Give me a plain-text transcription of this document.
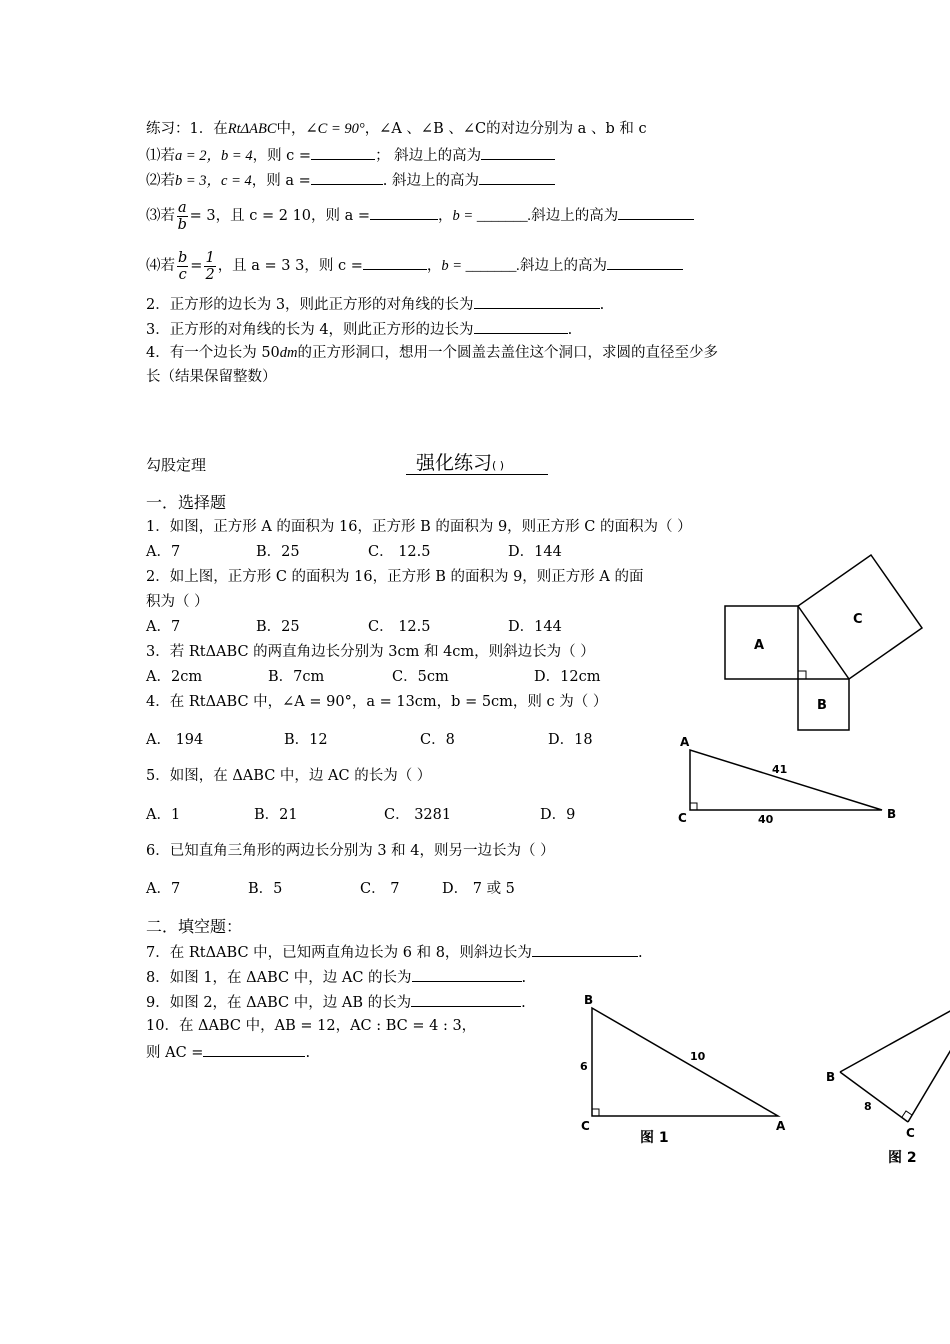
练习：1．在RtΔABC中，∠C = 90°，∠A 、∠B 、∠C的对边分别为 a 、b 和 c
⑴若a = 2，b = 4，则 c =	； 斜边上的高为
⑵若b = 3，c = 4，则 a =	. 斜边上的高为
⑶若 $\frac{a}{b} = 3$，且 c = 2 10，则 a =	，b = _______.斜边上的高为
⑷若 $\frac{b}{c} = \frac{1}{2}$ ，且 a = 3 3，则 c =	，b = _______.斜边上的高为
2．正方形的边长为 3，则此正方形的对角线的长为	.
3．正方形的对角线的长为 4，则此正方形的边长为	.
4．有一个边长为 50dm的正方形洞口，想用一个圆盖去盖住这个洞口，求圆的直径至少多
长（结果保留整数）
勾股定理	强化练习( )
一．选择题
1．如图，正方形 A 的面积为 16，正方形 B 的面积为 9，则正方形 C 的面积为（ ）
A．7	B．25	C． 12.5	D．144
2．如上图，正方形 C 的面积为 16，正方形 B 的面积为 9，则正方形 A 的面
积为（ ）
A．7	B．25	C． 12.5	D．144
3．若 RtΔABC 的两直角边长分别为 3cm 和 4cm，则斜边长为（ ）
A．2cm	B．7cm	C．5cm	D．12cm
4．在 RtΔABC 中，∠A = 90°，a = 13cm，b = 5cm，则 c 为（ ）
A． 194	B．12	C．8	D．18
5．如图，在 ΔABC 中，边 AC 的长为（ ）
A．1	B．21	C． 3281	D．9
6．已知直角三角形的两边长分别为 3 和 4，则另一边长为（ ）
A．7	B．5	C． 7	D． 7 或 5
二．填空题：
7．在 RtΔABC 中，已知两直角边长为 6 和 8，则斜边长为	.
8．如图 1，在 ΔABC 中，边 AC 的长为	.
9．如图 2，在 ΔABC 中，边 AB 的长为	.
10．在 ΔABC 中，AB = 12，AC : BC = 4 : 3，
则 AC =	.
A
B
C
A
C	B
41
40
B
6
10
C	A
图 1
B
8
C
图 2
